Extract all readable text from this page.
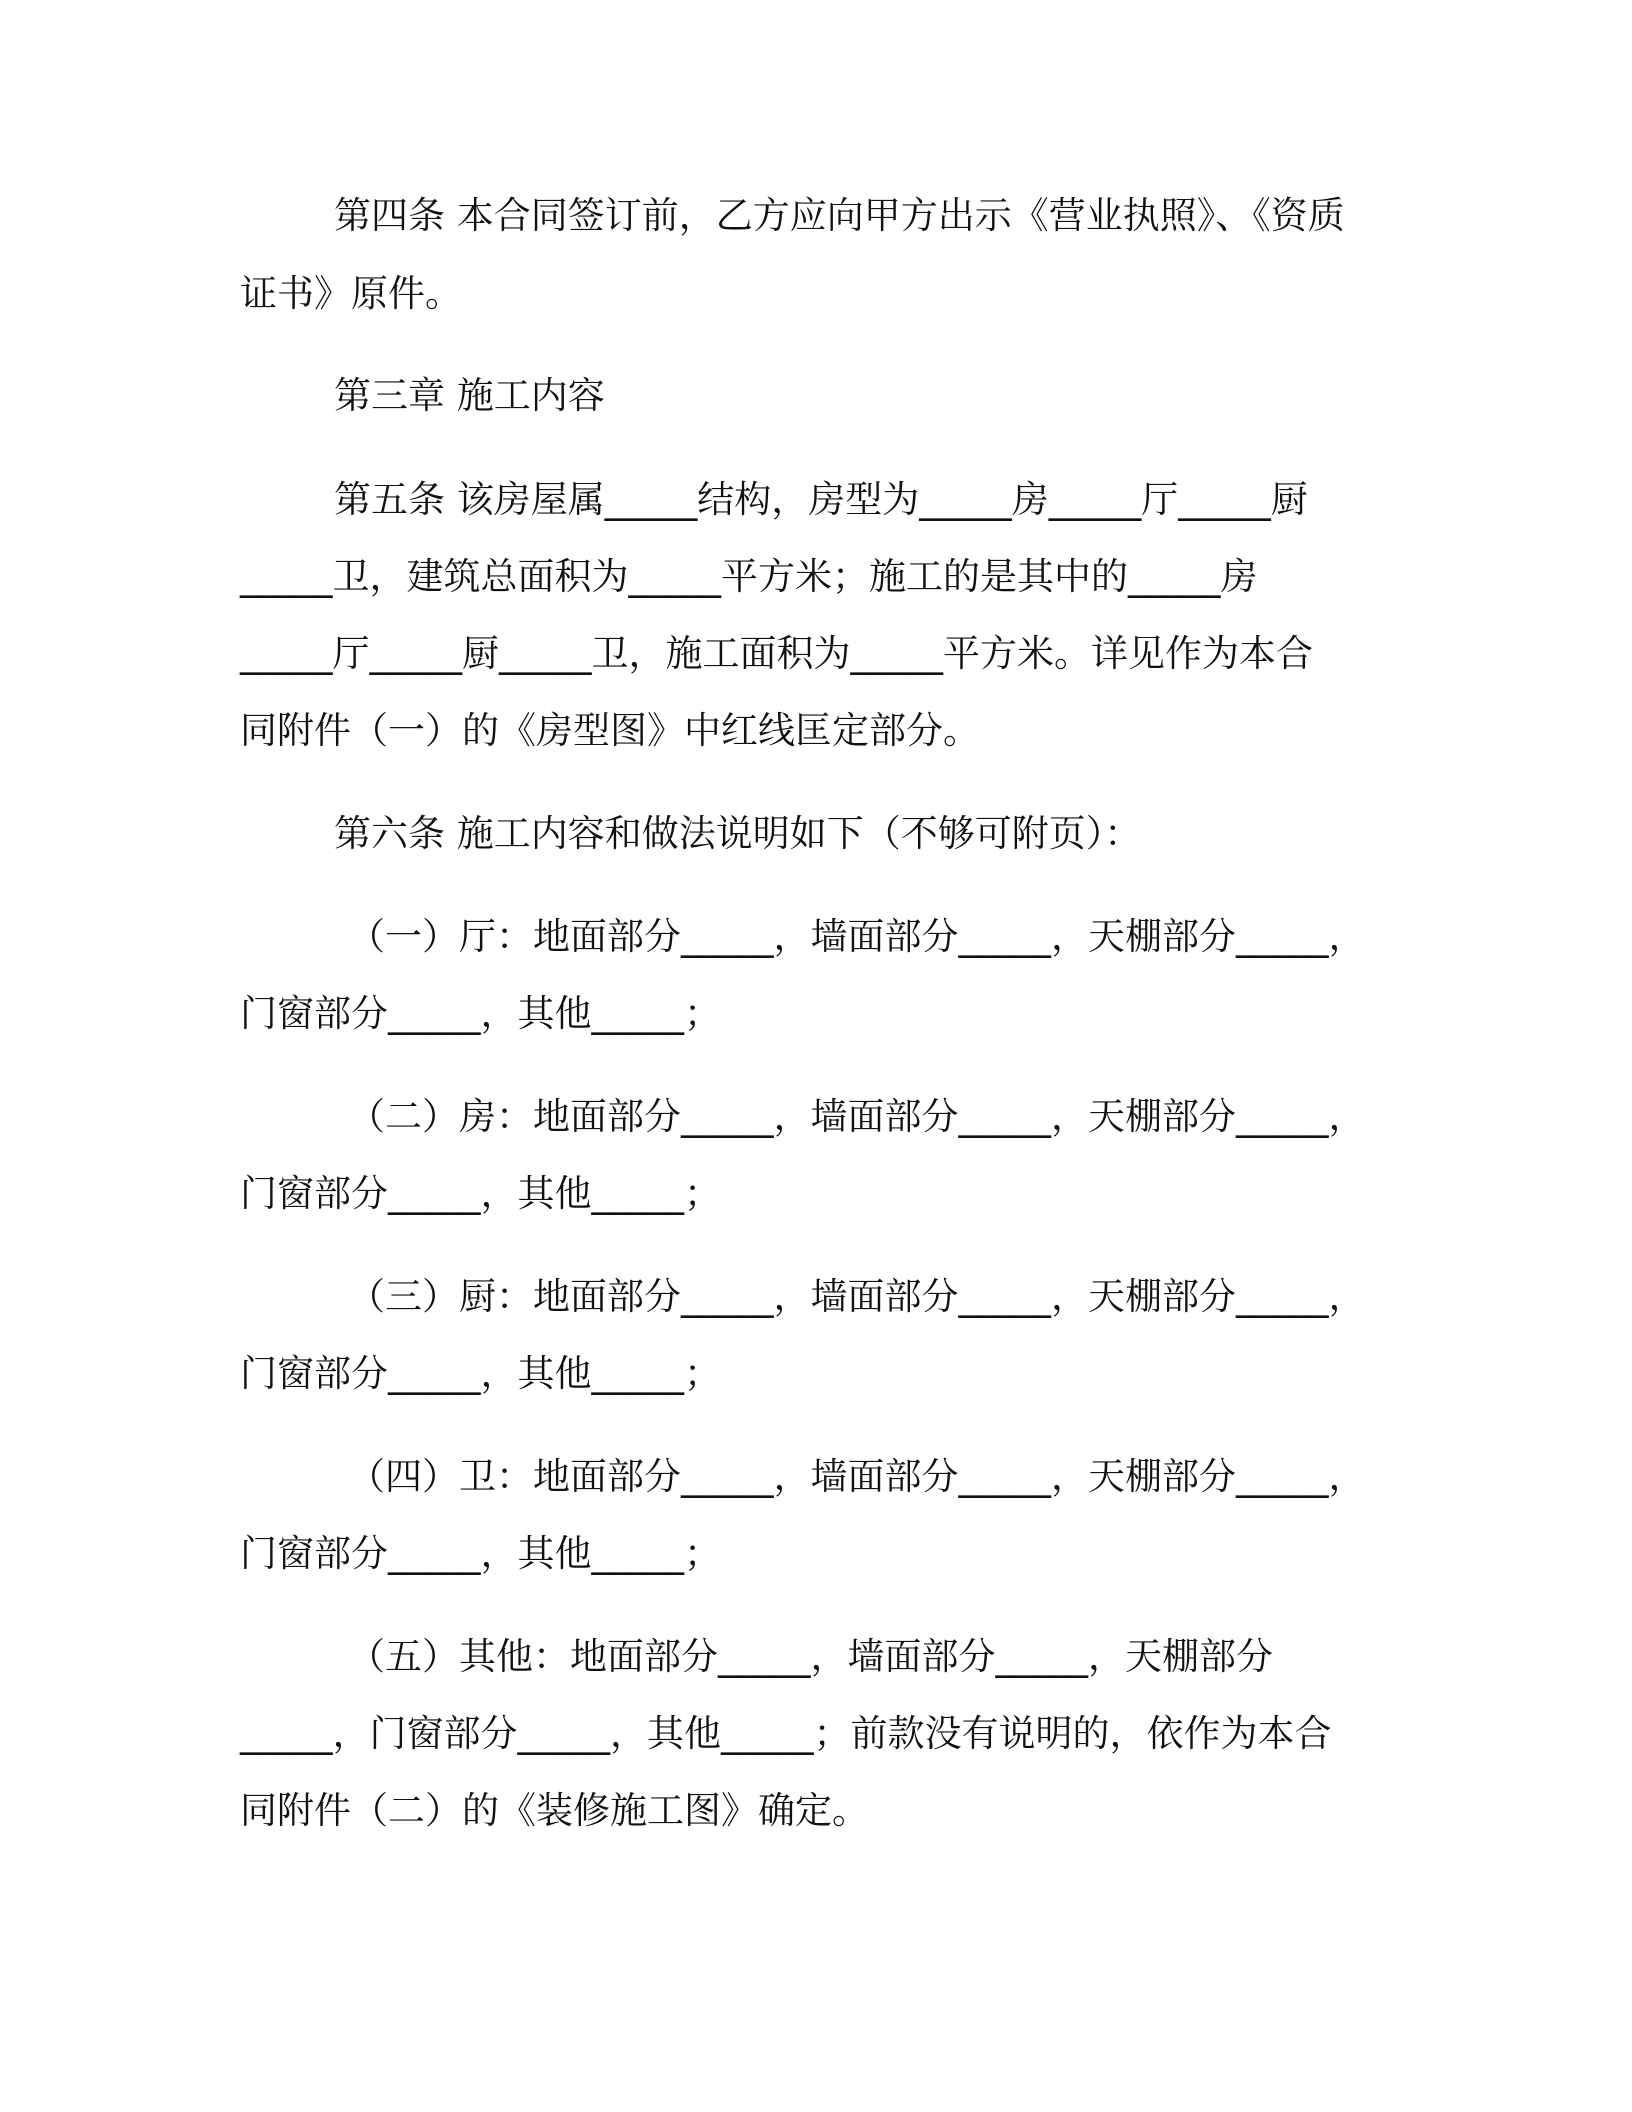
第四条 本合同签订前，乙方应向甲方出示《营业执照》、《资质
证书》原件。
第三章 施工内容
第五条 该房屋属_____结构，房型为_____房_____厅_____厨
_____卫，建筑总面积为_____平方米；施工的是其中的_____房
_____厅_____厨_____卫，施工面积为_____平方米。详见作为本合
同附件（一）的《房型图》中红线匡定部分。
第六条 施工内容和做法说明如下（不够可附页）：
（一）厅：地面部分_____，墙面部分_____，天棚部分_____，
门窗部分_____，其他_____；
（二）房：地面部分_____，墙面部分_____，天棚部分_____，
门窗部分_____，其他_____；
（三）厨：地面部分_____，墙面部分_____，天棚部分_____，
门窗部分_____，其他_____；
（四）卫：地面部分_____，墙面部分_____，天棚部分_____，
门窗部分_____，其他_____；
（五）其他：地面部分_____，墙面部分_____，天棚部分
_____，门窗部分_____，其他_____；前款没有说明的，依作为本合
同附件（二）的《装修施工图》确定。
